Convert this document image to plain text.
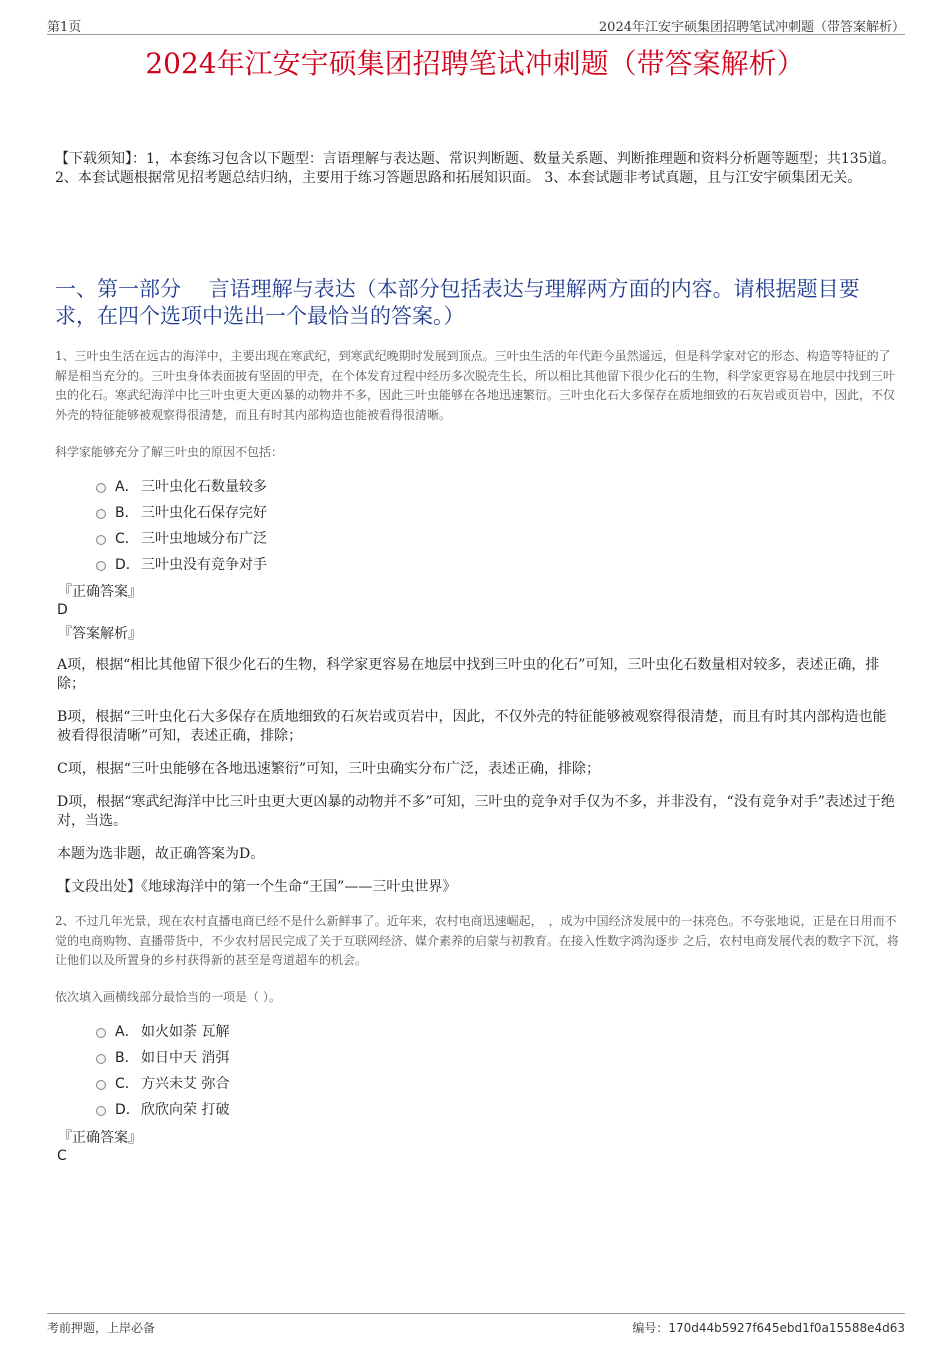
第1页	2024年江安宇硕集团招聘笔试冲刺题（带答案解析）
2024年江安宇硕集团招聘笔试冲刺题（带答案解析）
【下载须知】：1，本套练习包含以下题型：言语理解与表达题、常识判断题、数量关系题、判断推理题和资料分析题等题型；共135道。 2、本套试题根据常见招考题总结归纳，主要用于练习答题思路和拓展知识面。 3、本套试题非考试真题，且与江安宇硕集团无关。
一、第一部分　 言语理解与表达（本部分包括表达与理解两方面的内容。请根据题目要求，在四个选项中选出一个最恰当的答案。）
1、三叶虫生活在远古的海洋中，主要出现在寒武纪，到寒武纪晚期时发展到顶点。三叶虫生活的年代距今虽然遥远，但是科学家对它的形态、构造等特征的了解是相当充分的。三叶虫身体表面披有坚固的甲壳，在个体发育过程中经历多次脱壳生长，所以相比其他留下很少化石的生物，科学家更容易在地层中找到三叶虫的化石。寒武纪海洋中比三叶虫更大更凶暴的动物并不多，因此三叶虫能够在各地迅速繁衍。三叶虫化石大多保存在质地细致的石灰岩或页岩中，因此，不仅外壳的特征能够被观察得很清楚，而且有时其内部构造也能被看得很清晰。
科学家能够充分了解三叶虫的原因不包括：
A． 三叶虫化石数量较多
B． 三叶虫化石保存完好
C． 三叶虫地域分布广泛
D． 三叶虫没有竞争对手
『正确答案』
D
『答案解析』
A项，根据“相比其他留下很少化石的生物，科学家更容易在地层中找到三叶虫的化石”可知，三叶虫化石数量相对较多，表述正确，排除；
B项，根据“三叶虫化石大多保存在质地细致的石灰岩或页岩中，因此，不仅外壳的特征能够被观察得很清楚，而且有时其内部构造也能被看得很清晰”可知，表述正确，排除；
C项，根据“三叶虫能够在各地迅速繁衍”可知，三叶虫确实分布广泛，表述正确，排除；
D项，根据“寒武纪海洋中比三叶虫更大更凶暴的动物并不多”可知，三叶虫的竞争对手仅为不多，并非没有，“没有竞争对手”表述过于绝对，当选。
本题为选非题，故正确答案为D。
【文段出处】《地球海洋中的第一个生命“王国”——三叶虫世界》
2、不过几年光景，现在农村直播电商已经不是什么新鲜事了。近年来，农村电商迅速崛起，　，成为中国经济发展中的一抹亮色。不夸张地说，正是在日用而不觉的电商购物、直播带货中，不少农村居民完成了关于互联网经济、媒介素养的启蒙与初教育。在接入性数字鸿沟逐步 之后，农村电商发展代表的数字下沉，将让他们以及所置身的乡村获得新的甚至是弯道超车的机会。
依次填入画横线部分最恰当的一项是（ ）。
A． 如火如荼 瓦解
B． 如日中天 消弭
C． 方兴未艾 弥合
D． 欣欣向荣 打破
『正确答案』
C
考前押题，上岸必备	编号：170d44b5927f645ebd1f0a15588e4d63
